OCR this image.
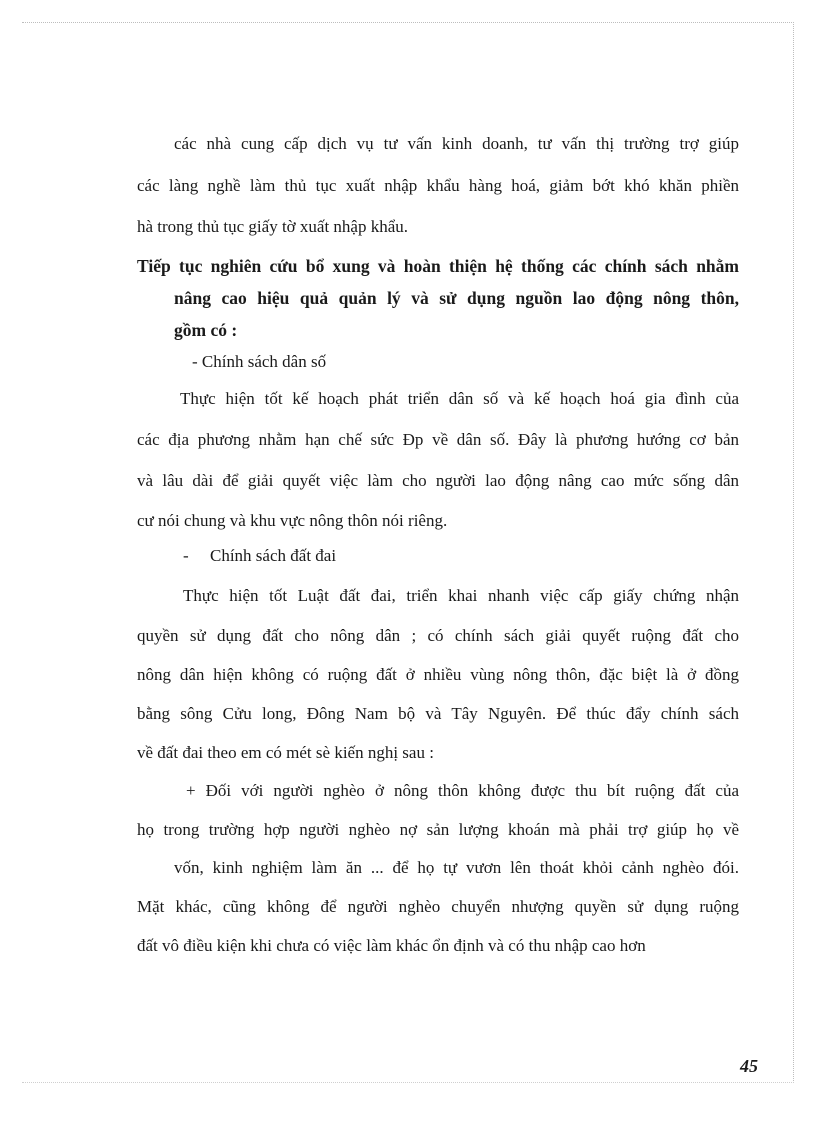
các nhà cung cấp dịch vụ tư vấn kinh doanh, tư vấn thị trường trợ giúp
các làng nghề làm thủ tục xuất nhập khẩu hàng hoá, giảm bớt khó khăn phiền
hà trong thủ tục giấy tờ xuất nhập khẩu.
Tiếp tục nghiên cứu bổ xung và hoàn thiện hệ thống các chính sách nhằm
nâng cao hiệu quả quản lý và sử dụng nguồn lao động nông thôn,
gồm có :
- Chính sách dân số
Thực hiện tốt kế hoạch phát triển dân số và kế hoạch hoá gia đình của
các địa phương nhằm hạn chế sức Đp về dân số. Đây là phương hướng cơ bản
và lâu dài để giải quyết việc làm cho người lao động nâng cao mức sống dân
cư nói chung và khu vực nông thôn nói riêng.
- Chính sách đất đai
Thực hiện tốt Luật đất đai, triển khai nhanh việc cấp giấy chứng nhận
quyền sử dụng đất cho nông dân ; có chính sách giải quyết ruộng đất cho
nông dân hiện không có ruộng đất ở nhiều vùng nông thôn, đặc biệt là ở đồng
bằng sông Cửu long, Đông Nam bộ và Tây Nguyên. Để thúc đẩy chính sách
về đất đai theo em có mét sè kiến nghị sau :
+ Đối với người nghèo ở nông thôn không được thu bít ruộng đất của
họ trong trường hợp người nghèo nợ sản lượng khoán mà phải trợ giúp họ về
vốn, kinh nghiệm làm ăn ... để họ tự vươn lên thoát khỏi cảnh nghèo đói.
Mặt khác, cũng không để người nghèo chuyển nhượng quyền sử dụng ruộng
đất vô điều kiện khi chưa có việc làm khác ổn định và có thu nhập cao hơn
45
